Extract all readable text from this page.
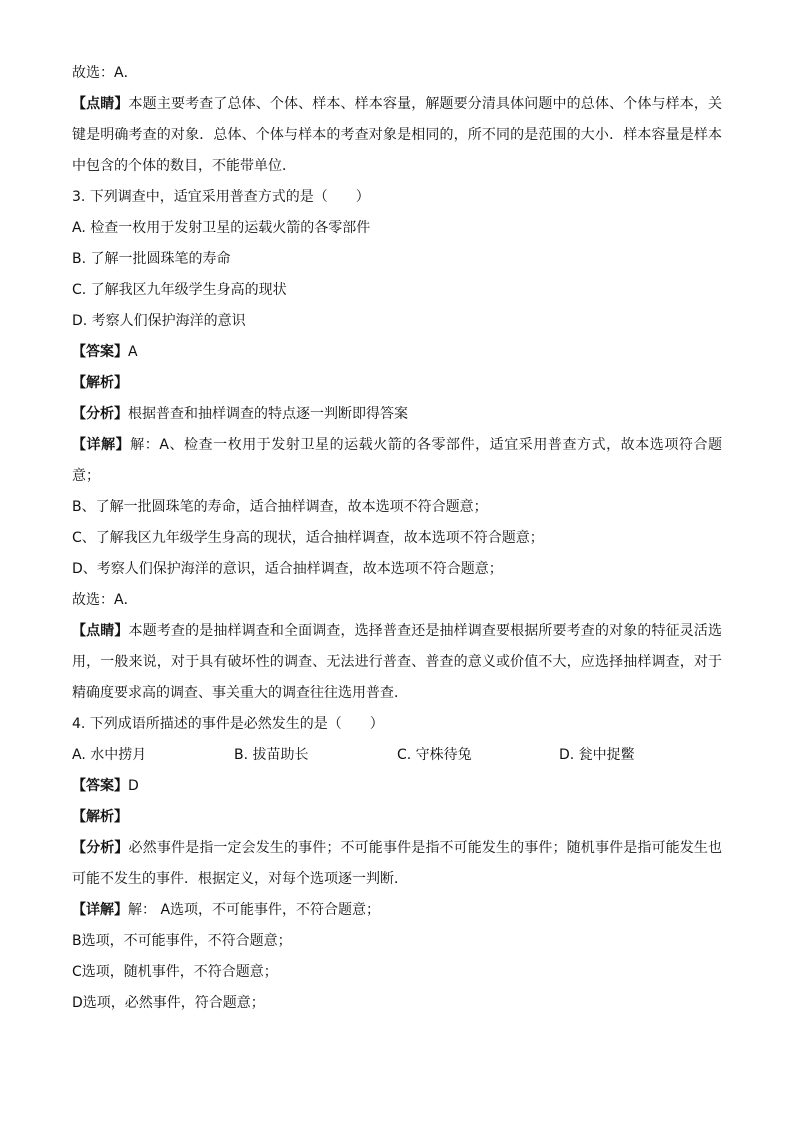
故选：A．
【点睛】本题主要考查了总体、个体、样本、样本容量，解题要分清具体问题中的总体、个体与样本，关键是明确考查的对象．总体、个体与样本的考查对象是相同的，所不同的是范围的大小．样本容量是样本中包含的个体的数目，不能带单位．
3. 下列调查中，适宜采用普查方式的是（　　）
A. 检查一枚用于发射卫星的运载火箭的各零部件
B. 了解一批圆珠笔的寿命
C. 了解我区九年级学生身高的现状
D. 考察人们保护海洋的意识
【答案】A
【解析】
【分析】根据普查和抽样调查的特点逐一判断即得答案
【详解】解：A、检查一枚用于发射卫星的运载火箭的各零部件，适宜采用普查方式，故本选项符合题意；
B、了解一批圆珠笔的寿命，适合抽样调查，故本选项不符合题意；
C、了解我区九年级学生身高的现状，适合抽样调查，故本选项不符合题意；
D、考察人们保护海洋的意识，适合抽样调查，故本选项不符合题意；
故选：A．
【点睛】本题考查的是抽样调查和全面调查，选择普查还是抽样调查要根据所要考查的对象的特征灵活选用，一般来说，对于具有破坏性的调查、无法进行普查、普查的意义或价值不大，应选择抽样调查，对于精确度要求高的调查、事关重大的调查往往选用普查．
4. 下列成语所描述的事件是必然发生的是（　　）
A. 水中捞月	B. 拔苗助长	C. 守株待兔	D. 瓮中捉鳖
【答案】D
【解析】
【分析】必然事件是指一定会发生的事件；不可能事件是指不可能发生的事件；随机事件是指可能发生也可能不发生的事件．根据定义，对每个选项逐一判断．
【详解】解： A选项，不可能事件，不符合题意；
B选项，不可能事件，不符合题意；
C选项，随机事件，不符合题意；
D选项，必然事件，符合题意；
